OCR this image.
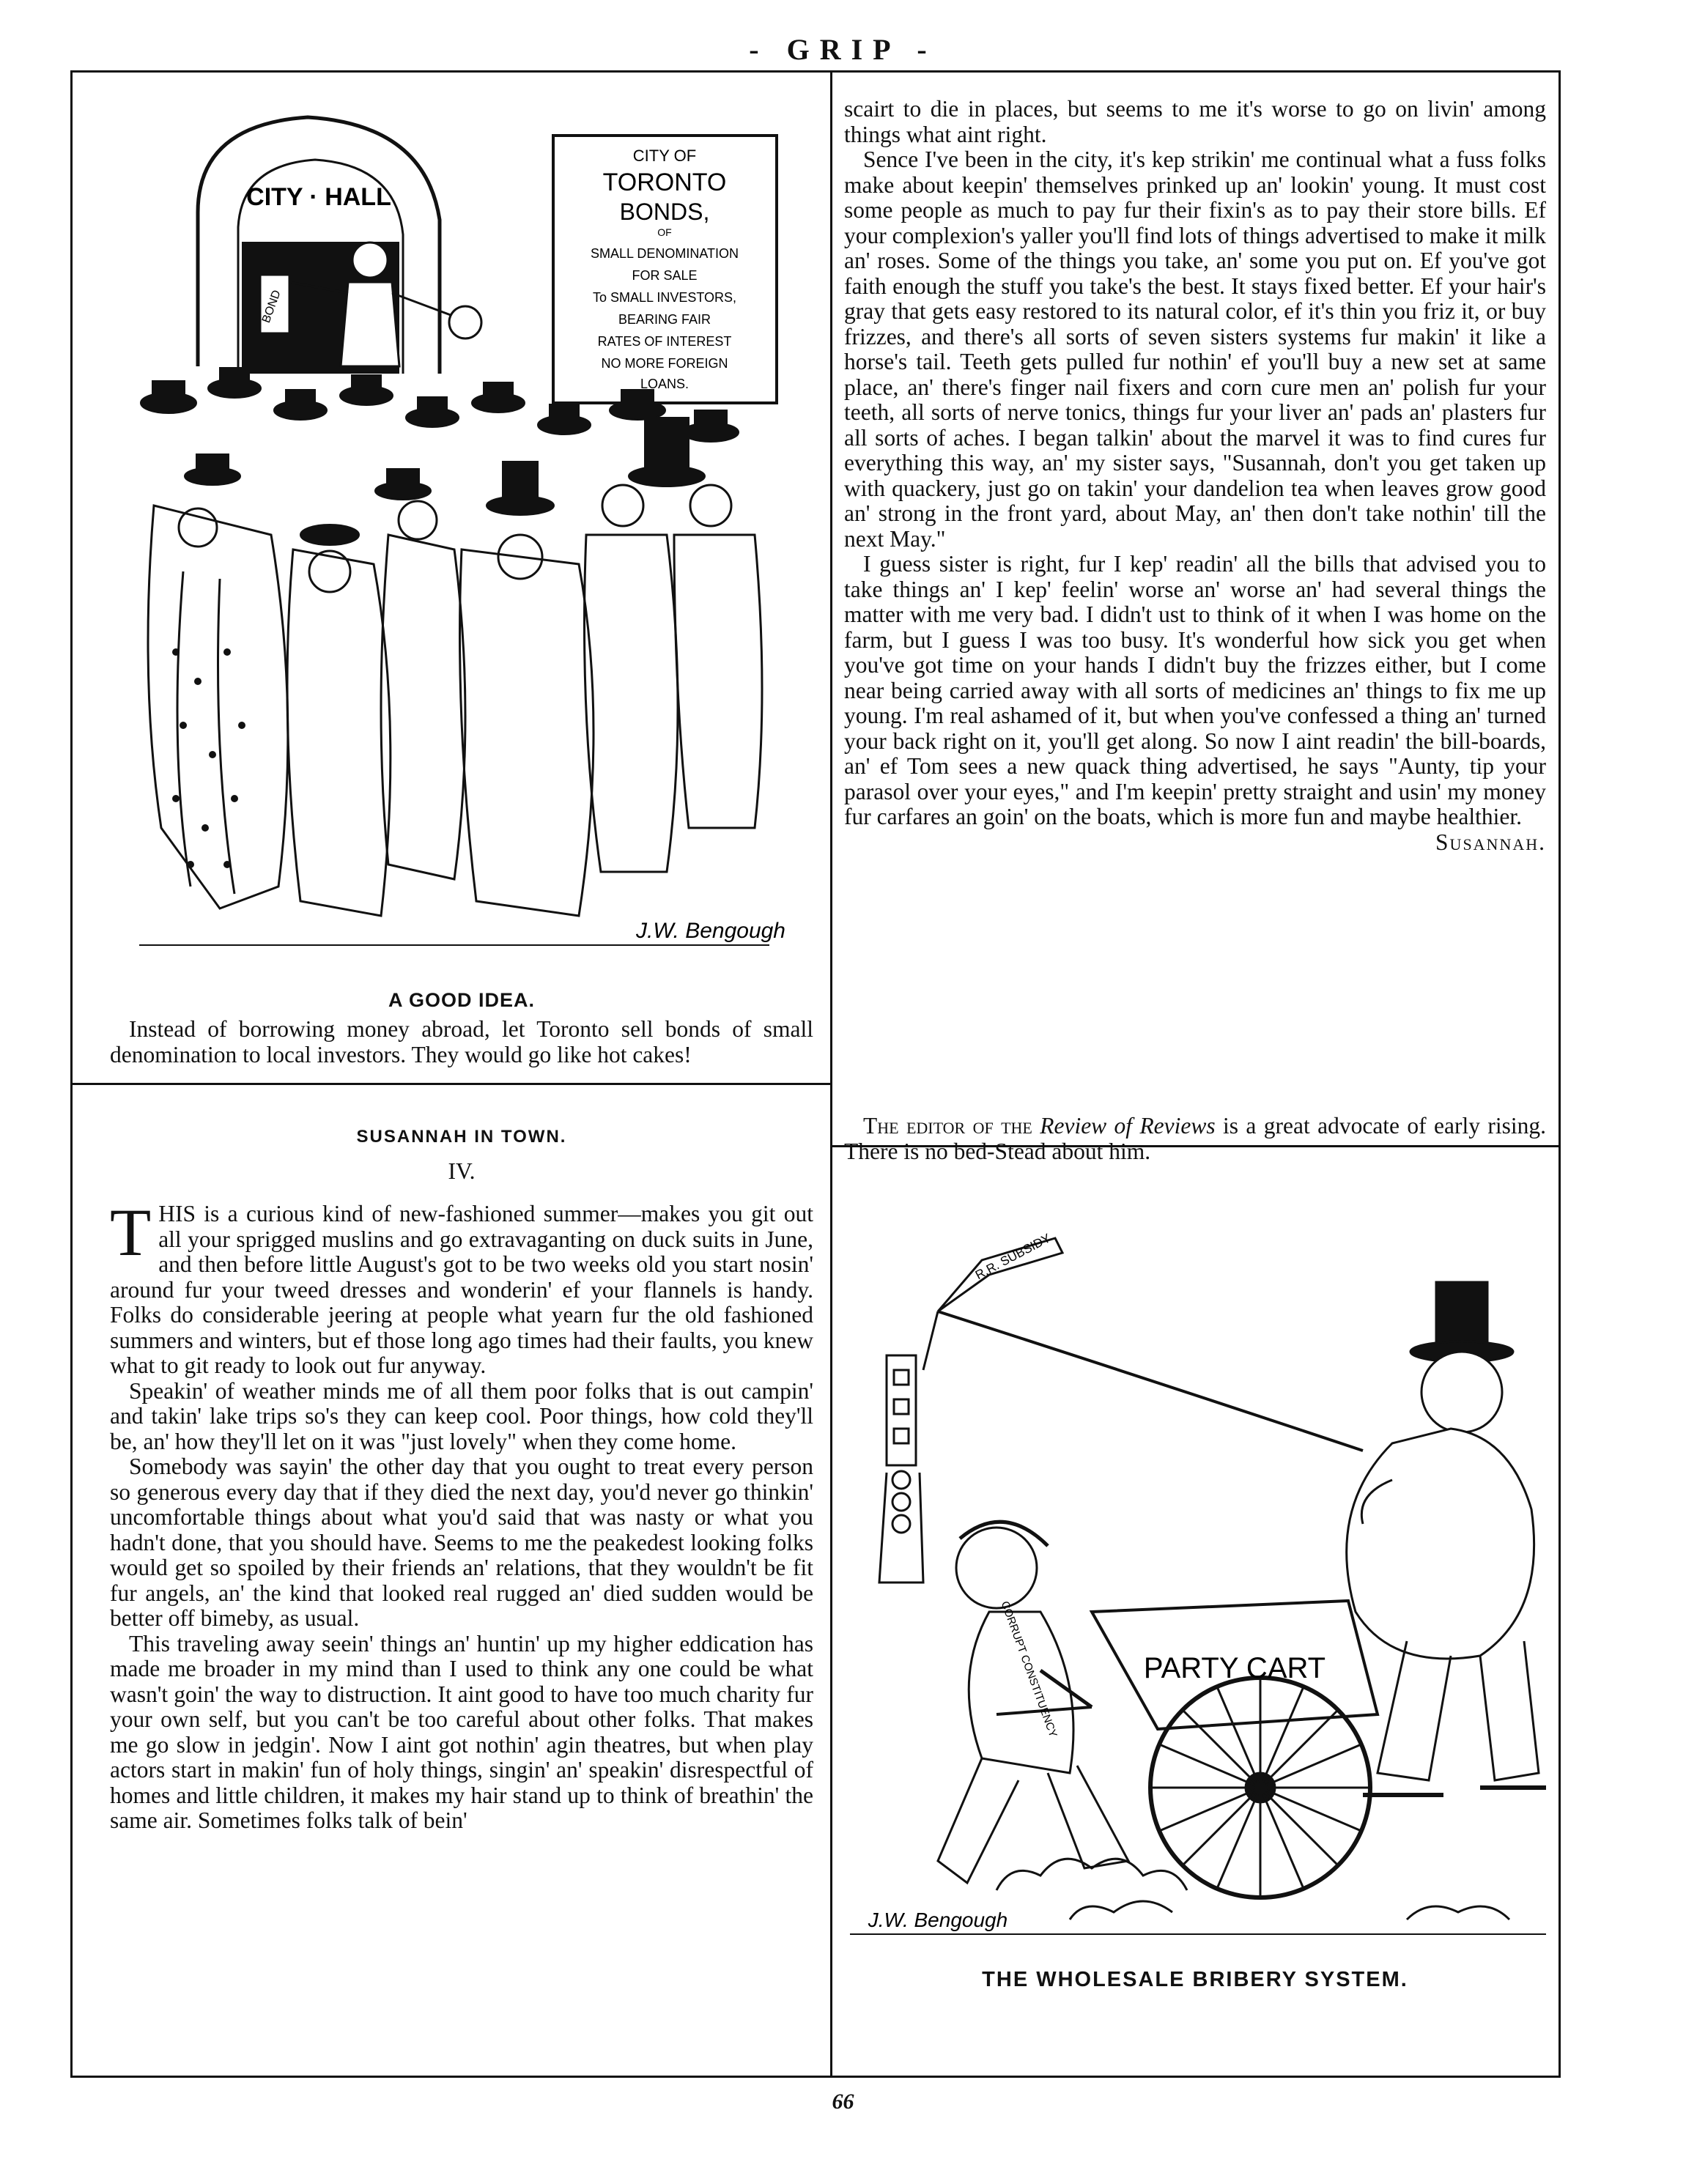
- GRIP -
CITY · HALL
CITY OF
TORONTO
BONDS,
OF
SMALL DENOMINATION
FOR SALE
To SMALL INVESTORS,
BEARING FAIR
RATES OF INTEREST
NO MORE FOREIGN
LOANS.
BOND
J.W. Bengough
A GOOD IDEA.

Instead of borrowing money abroad, let Toronto sell bonds of small denomination to local investors. They would go like hot cakes!

SUSANNAH IN TOWN.
IV.

THIS is a curious kind of new-fashioned summer—makes you git out all your sprigged muslins and go extravaganting on duck suits in June, and then before little August's got to be two weeks old you start nosin' around fur your tweed dresses and wonderin' ef your flannels is handy. Folks do considerable jeering at people what yearn fur the old fashioned summers and winters, but ef those long ago times had their faults, you knew what to git ready to look out fur anyway.

Speakin' of weather minds me of all them poor folks that is out campin' and takin' lake trips so's they can keep cool. Poor things, how cold they'll be, an' how they'll let on it was "just lovely" when they come home.

Somebody was sayin' the other day that you ought to treat every person so generous every day that if they died the next day, you'd never go thinkin' uncomfortable things about what you'd said that was nasty or what you hadn't done, that you should have. Seems to me the peakedest looking folks would get so spoiled by their friends an' relations, that they wouldn't be fit fur angels, an' the kind that looked real rugged an' died sudden would be better off bimeby, as usual.

This traveling away seein' things an' huntin' up my higher eddication has made me broader in my mind than I used to think any one could be what wasn't goin' the way to distruction. It aint good to have too much charity fur your own self, but you can't be too careful about other folks. That makes me go slow in jedgin'. Now I aint got nothin' agin theatres, but when play actors start in makin' fun of holy things, singin' an' speakin' disrespectful of homes and little children, it makes my hair stand up to think of breathin' the same air. Sometimes folks talk of bein'

scairt to die in places, but seems to me it's worse to go on livin' among things what aint right.

Sence I've been in the city, it's kep strikin' me continual what a fuss folks make about keepin' themselves prinked up an' lookin' young. It must cost some people as much to pay fur their fixin's as to pay their store bills. Ef your complexion's yaller you'll find lots of things advertised to make it milk an' roses. Some of the things you take, an' some you put on. Ef you've got faith enough the stuff you take's the best. It stays fixed better. Ef your hair's gray that gets easy restored to its natural color, ef it's thin you friz it, or buy frizzes, and there's all sorts of seven sisters systems fur makin' it like a horse's tail. Teeth gets pulled fur nothin' ef you'll buy a new set at same place, an' there's finger nail fixers and corn cure men an' polish fur your teeth, all sorts of nerve tonics, things fur your liver an' pads an' plasters fur all sorts of aches. I began talkin' about the marvel it was to find cures fur everything this way, an' my sister says, "Susannah, don't you get taken up with quackery, just go on takin' your dandelion tea when leaves grow good an' strong in the front yard, about May, an' then don't take nothin' till the next May."

I guess sister is right, fur I kep' readin' all the bills that advised you to take things an' I kep' feelin' worse an' worse an' had several things the matter with me very bad. I didn't ust to think of it when I was home on the farm, but I guess I was too busy. It's wonderful how sick you get when you've got time on your hands I didn't buy the frizzes either, but I come near being carried away with all sorts of medicines an' things to fix me up young. I'm real ashamed of it, but when you've confessed a thing an' turned your back right on it, you'll get along. So now I aint readin' the bill-boards, an' ef Tom sees a new quack thing advertised, he says "Aunty, tip your parasol over your eyes," and I'm keepin' pretty straight and usin' my money fur carfares an goin' on the boats, which is more fun and maybe healthier.

Susannah.

The editor of the Review of Reviews is a great advocate of early rising. There is no bed-Stead about him.

R.R. SUBSIDY
CORRUPT CONSTITUENCY	PARTY CART
J.W. Bengough
THE WHOLESALE BRIBERY SYSTEM.
66
